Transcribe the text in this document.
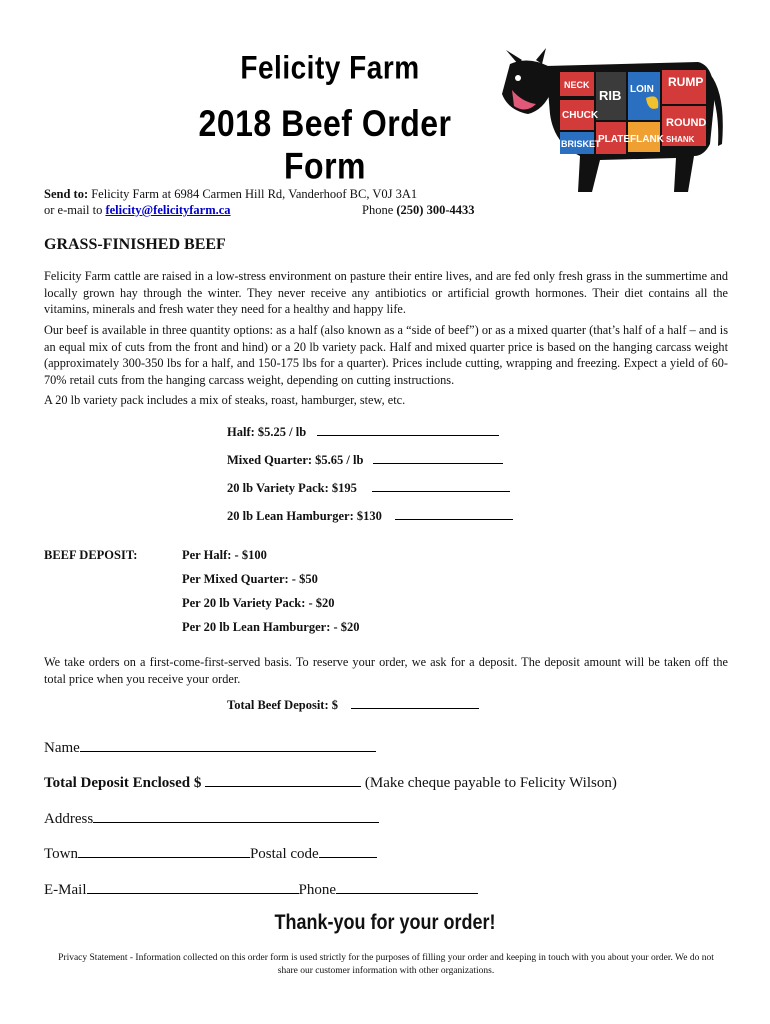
Felicity Farm
2018 Beef Order Form
NECK
CHUCK
RIB LOIN
RUMP
ROUND
BRISKET
PLATE FLANK SHANK
Send to: Felicity Farm at 6984 Carmen Hill Rd, Vanderhoof BC, V0J 3A1
or e-mail to felicity@felicityfarm.ca	Phone (250) 300-4433
GRASS-FINISHED BEEF
Felicity Farm cattle are raised in a low-stress environment on pasture their entire lives, and are fed only fresh grass in the summertime and locally grown hay through the winter. They never receive any antibiotics or artificial growth hormones. Their diet contains all the vitamins, minerals and fresh water they need for a healthy and happy life.
Our beef is available in three quantity options: as a half (also known as a “side of beef”) or as a mixed quarter (that’s half of a half – and is an equal mix of cuts from the front and hind) or a 20 lb variety pack. Half and mixed quarter price is based on the hanging carcass weight (approximately 300-350 lbs for a half, and 150-175 lbs for a quarter). Prices include cutting, wrapping and freezing. Expect a yield of 60-70% retail cuts from the hanging carcass weight, depending on cutting instructions.
A 20 lb variety pack includes a mix of steaks, roast, hamburger, stew, etc.
Half: $5.25 / lb
Mixed Quarter: $5.65 / lb
20 lb Variety Pack: $195
20 lb Lean Hamburger: $130
BEEF DEPOSIT:	Per Half: - $100
Per Mixed Quarter: - $50
Per 20 lb Variety Pack: - $20
Per 20 lb Lean Hamburger: - $20
We take orders on a first-come-first-served basis. To reserve your order, we ask for a deposit. The deposit amount will be taken off the total price when you receive your order.
Total Beef Deposit: $
Name
Total Deposit Enclosed $	(Make cheque payable to Felicity Wilson)
Address
Town	Postal code
E-Mail	Phone
Thank-you for your order!
Privacy Statement - Information collected on this order form is used strictly for the purposes of filling your order and keeping in touch with you about your order. We do not share our customer information with other organizations.
